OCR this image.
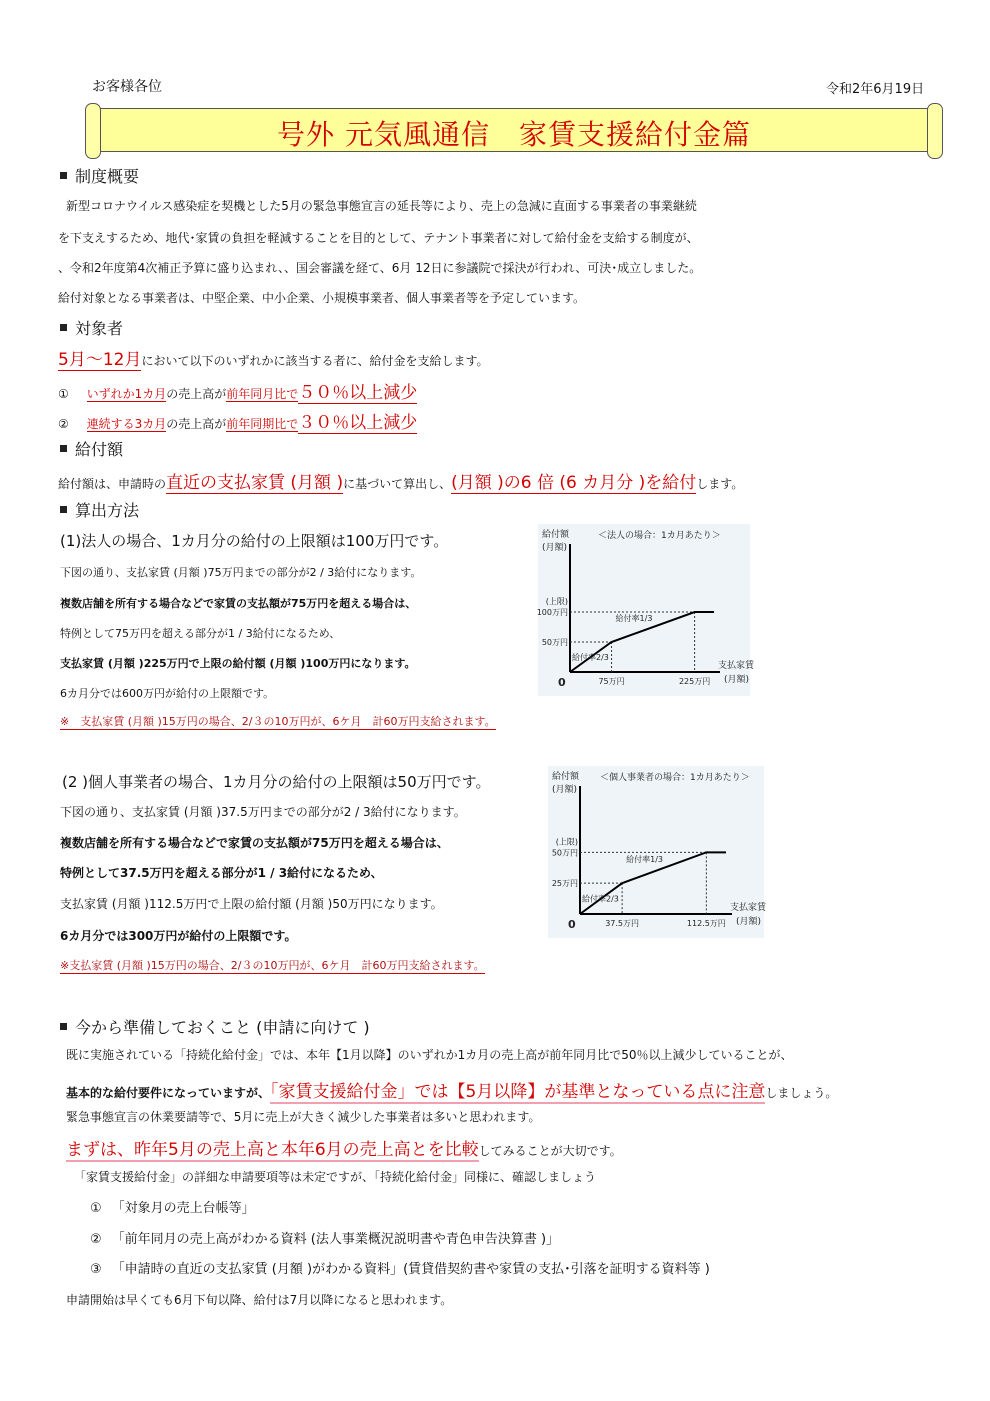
お客様各位	令和2年6月19日
号外 元気風通信　家賃支援給付金篇
制度概要
新型コロナウイルス感染症を契機とした5月の緊急事態宣言の延長等により、売上の急減に直面する事業者の事業継続
を下支えするため、地代･家賃の負担を軽減することを目的として、テナント事業者に対して給付金を支給する制度が、
、令和2年度第4次補正予算に盛り込まれ、、国会審議を経て、6月 12日に参議院で採決が行われ、可決･成立しました。
給付対象となる事業者は、中堅企業、中小企業、小規模事業者、個人事業者等を予定しています。
対象者
5月～12月において以下のいずれかに該当する者に、給付金を支給します。
① いずれか1カ月の売上高が前年同月比で５０％以上減少
② 連続する3カ月の売上高が前年同期比で３０％以上減少
給付額
給付額は、申請時の直近の支払家賃 (月額 )に基づいて算出し、(月額 )の6 倍 (6 カ月分 )を給付します。
算出方法
(1)法人の場合、1カ月分の給付の上限額は100万円です。
下図の通り、支払家賃 (月額 )75万円までの部分が2 / 3給付になります。
複数店舗を所有する場合などで家賃の支払額が75万円を超える場合は、
特例として75万円を超える部分が1 / 3給付になるため、
支払家賃 (月額 )225万円で上限の給付額 (月額 )100万円になります。
6カ月分では600万円が給付の上限額です。
※　支払家賃 (月額 )15万円の場合、2/３の10万円が、6ケ月　計60万円支給されます。
＜法人の場合：1カ月あたり＞
給付額
(月額)
支払家賃
(月額)
0
50万円
100万円
(上限)
75万円	225万円
給付率2/3
給付率1/3
(2 )個人事業者の場合、1カ月分の給付の上限額は50万円です。
下図の通り、支払家賃 (月額 )37.5万円までの部分が2 / 3給付になります。
複数店舗を所有する場合などで家賃の支払額が75万円を超える場合は、
特例として37.5万円を超える部分が1 / 3給付になるため、
支払家賃 (月額 )112.5万円で上限の給付額 (月額 )50万円になります。
6カ月分では300万円が給付の上限額です。
※支払家賃 (月額 )15万円の場合、2/３の10万円が、6ケ月　計60万円支給されます。
＜個人事業者の場合：1カ月あたり＞
給付額
(月額)
支払家賃
(月額)
0
25万円
50万円
(上限)
37.5万円	112.5万円
給付率2/3
給付率1/3
今から準備しておくこと (申請に向けて )
既に実施されている「持続化給付金」では、本年【1月以降】のいずれか1カ月の売上高が前年同月比で50％以上減少していることが、
基本的な給付要件になっていますが、「家賃支援給付金」では【5月以降】が基準となっている点に注意しましょう。
緊急事態宣言の休業要請等で、5月に売上が大きく減少した事業者は多いと思われます。
まずは、昨年5月の売上高と本年6月の売上高とを比較してみることが大切です。
「家賃支援給付金」の詳細な申請要項等は未定ですが、「持続化給付金」同様に、確認しましょう
① 「対象月の売上台帳等」
② 「前年同月の売上高がわかる資料 (法人事業概況説明書や青色申告決算書 )」
③ 「申請時の直近の支払家賃 (月額 )がわかる資料」(賃貸借契約書や家賃の支払･引落を証明する資料等 )
申請開始は早くても6月下旬以降、給付は7月以降になると思われます。
